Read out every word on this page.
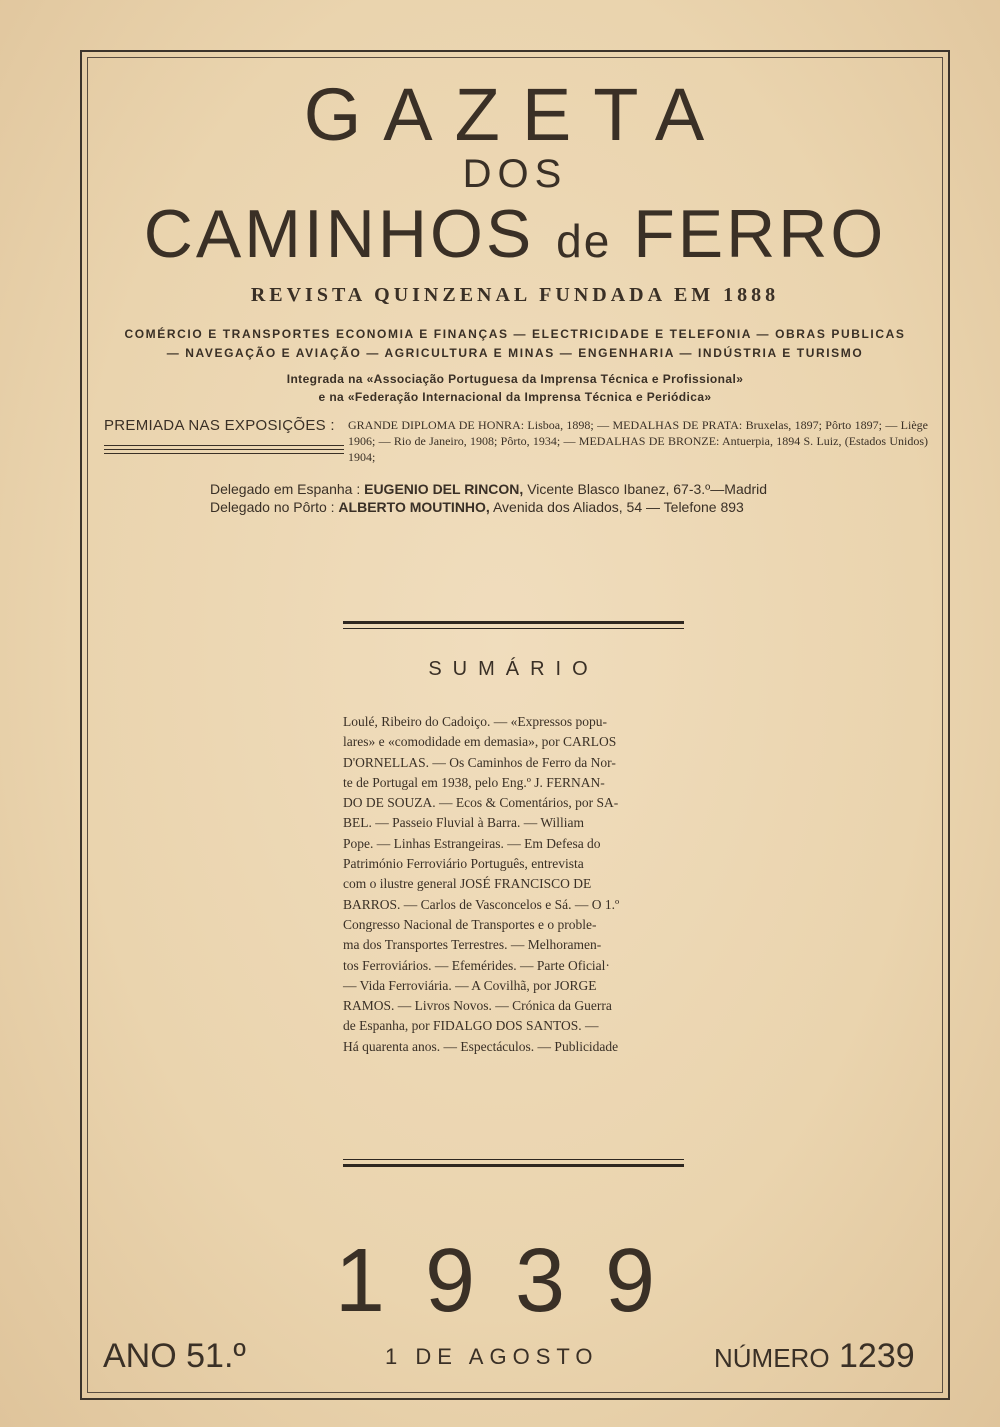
GAZETA
DOS
CAMINHOS de FERRO
REVISTA QUINZENAL FUNDADA EM 1888
COMÉRCIO E TRANSPORTES ECONOMIA E FINANÇAS — ELECTRICIDADE E TELEFONIA — OBRAS PUBLICAS
— NAVEGAÇÃO E AVIAÇÃO — AGRICULTURA E MINAS — ENGENHARIA — INDÚSTRIA E TURISMO
Integrada na «Associação Portuguesa da Imprensa Técnica e Profissional»
e na «Federação Internacional da Imprensa Técnica e Periódica»
PREMIADA NAS EXPOSIÇÕES : GRANDE DIPLOMA DE HONRA: Lisboa, 1898; — MEDALHAS DE PRATA: Bruxelas, 1897; Pôrto 1897; — Liège 1906; — Rio de Janeiro, 1908; Pôrto, 1934; — MEDALHAS DE BRONZE: Antuerpia, 1894 S. Luiz, (Estados Unidos) 1904;
Delegado em Espanha : EUGENIO DEL RINCON, Vicente Blasco Ibanez, 67-3.º—Madrid
Delegado no Pôrto : ALBERTO MOUTINHO, Avenida dos Aliados, 54 — Telefone 893
SUMÁRIO
Loulé, Ribeiro do Cadoiço. — «Expressos popu-
lares» e «comodidade em demasia», por CARLOS
D'ORNELLAS. — Os Caminhos de Ferro da Nor-
te de Portugal em 1938, pelo Eng.º J. FERNAN-
DO DE SOUZA. — Ecos & Comentários, por SA-
BEL. — Passeio Fluvial à Barra. — William
Pope. — Linhas Estrangeiras. — Em Defesa do
Património Ferroviário Português, entrevista
com o ilustre general JOSÉ FRANCISCO DE
BARROS. — Carlos de Vasconcelos e Sá. — O 1.º
Congresso Nacional de Transportes e o proble-
ma dos Transportes Terrestres. — Melhoramen-
tos Ferroviários. — Efemérides. — Parte Oficial·
— Vida Ferroviária. — A Covilhã, por JORGE
RAMOS. — Livros Novos. — Crónica da Guerra
de Espanha, por FIDALGO DOS SANTOS. —
Há quarenta anos. — Espectáculos. — Publicidade
1939
ANO 51.º	1 DE AGOSTO	NÚMERO 1239
